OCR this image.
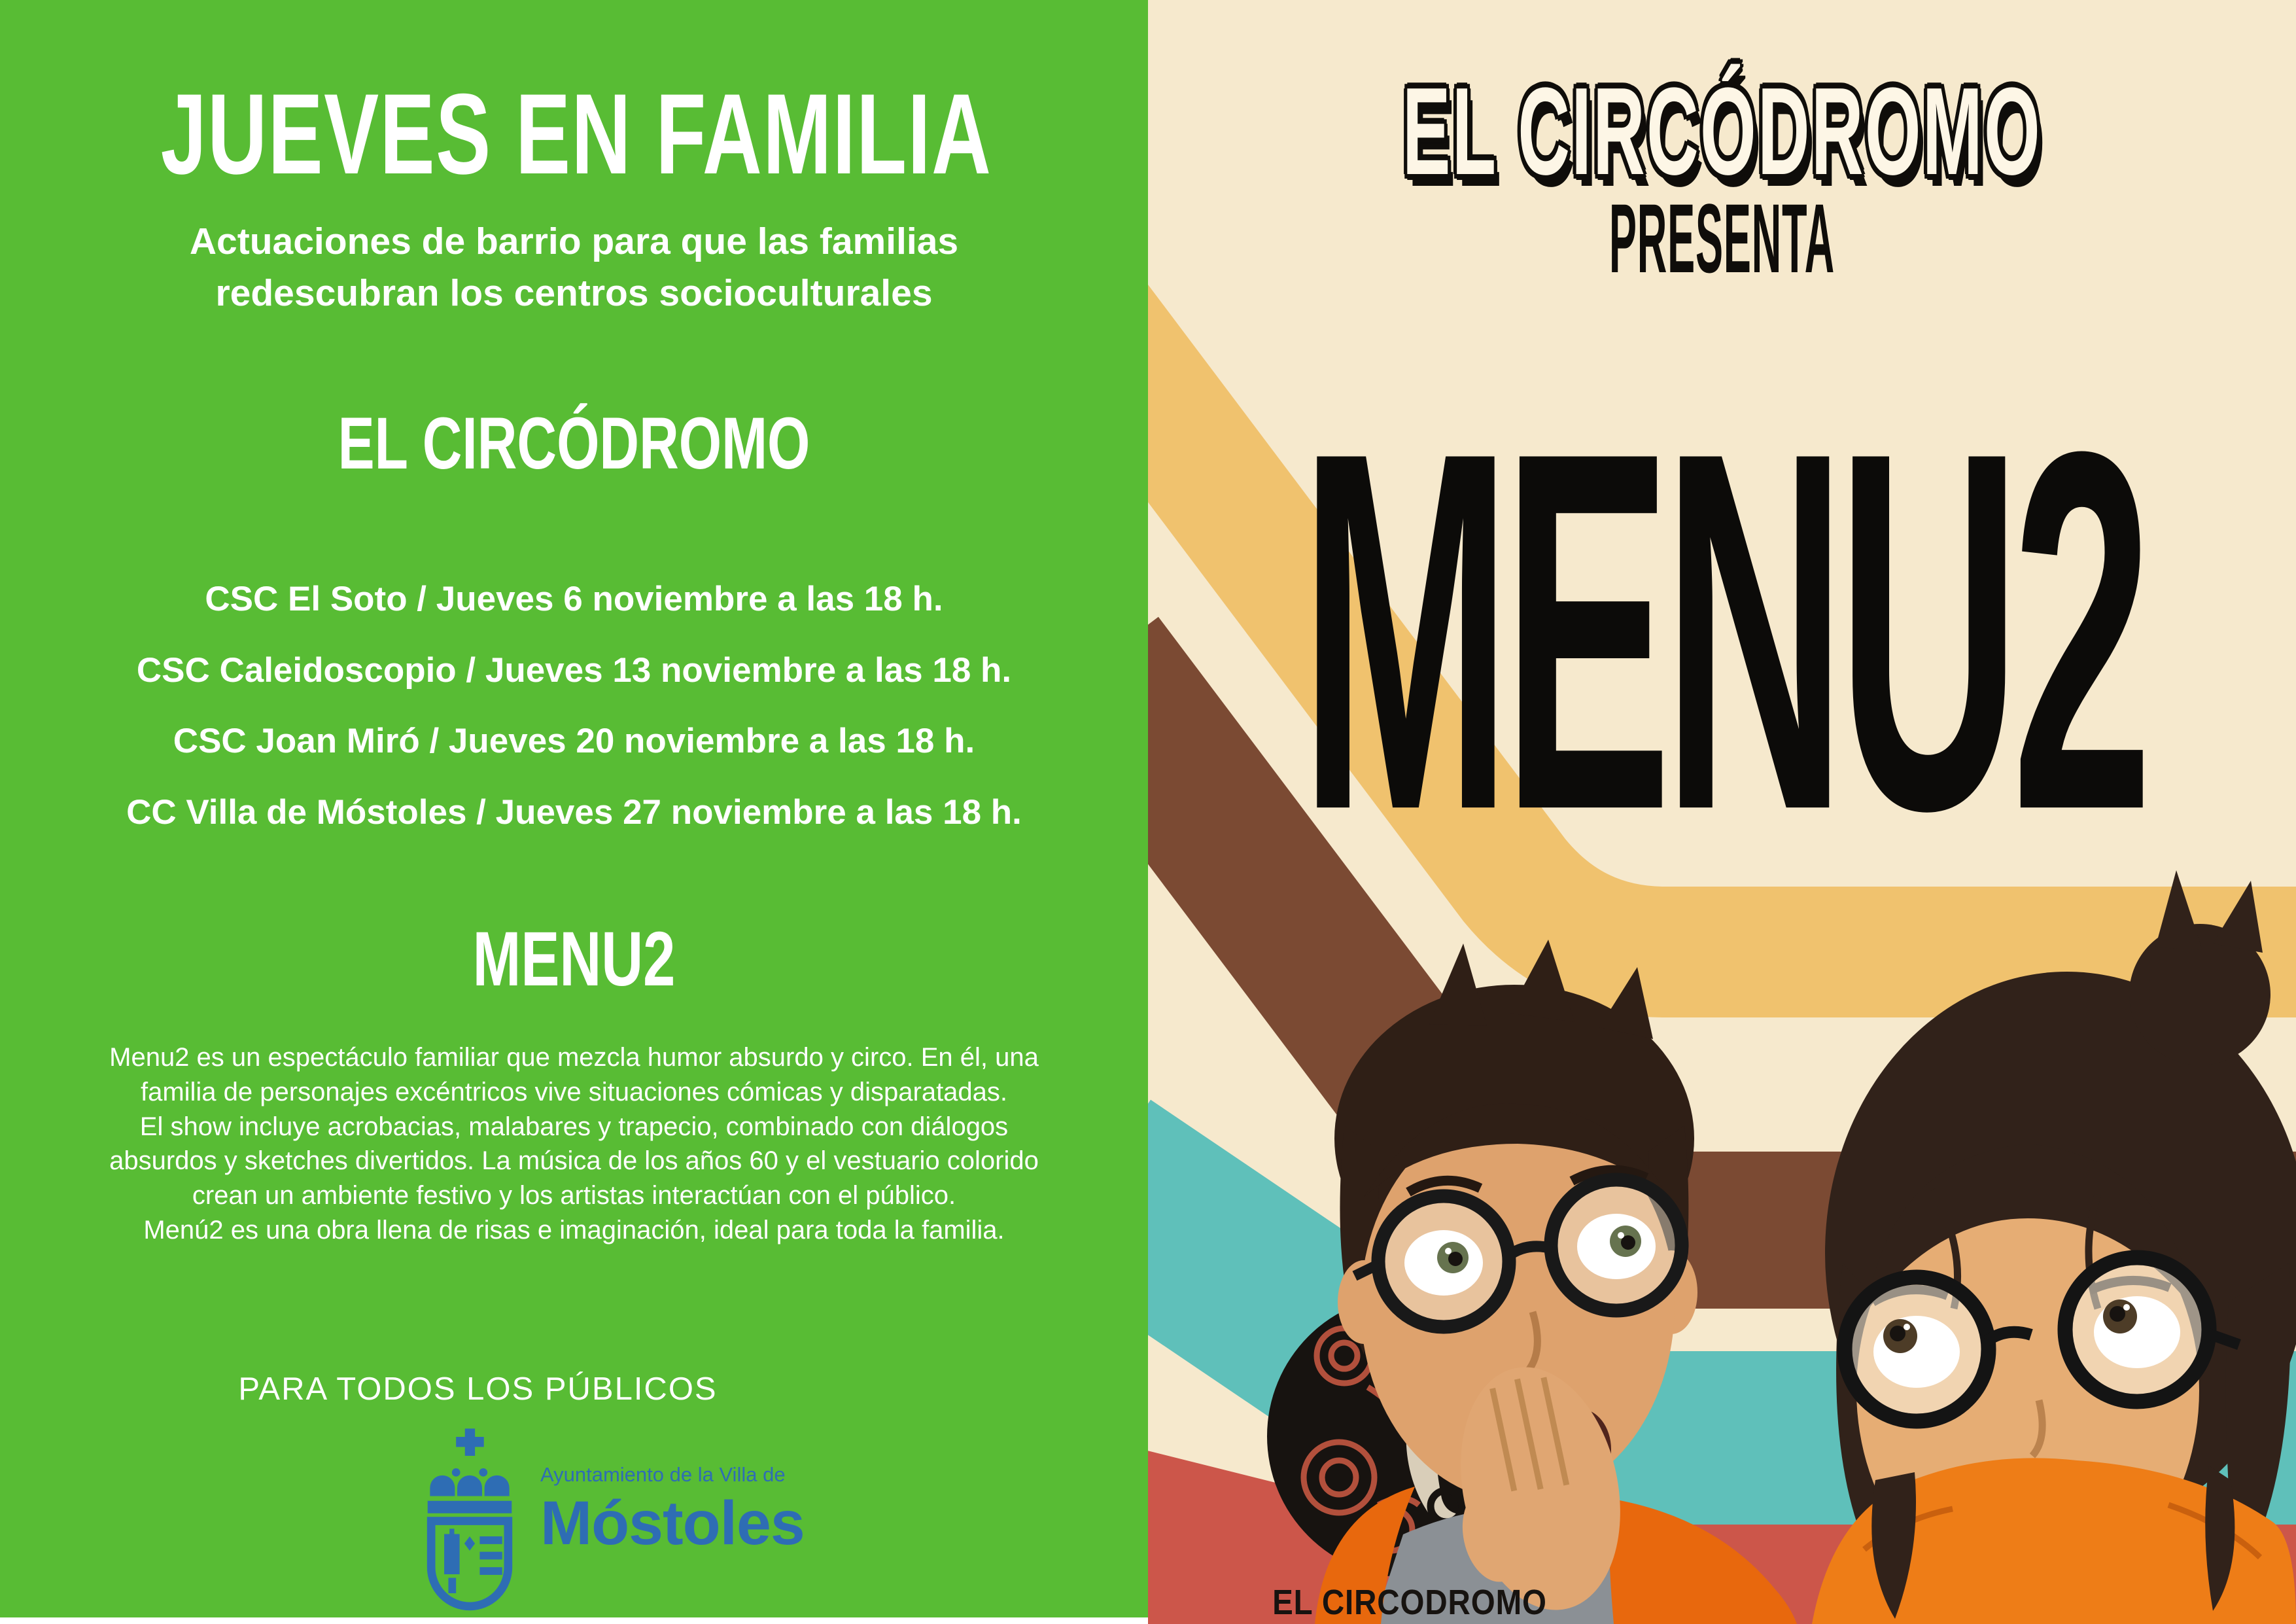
JUEVES EN FAMILIA
Actuaciones de barrio para que las familias
redescubran los centros socioculturales
EL CIRCÓDROMO
CSC El Soto / Jueves 6 noviembre a las 18 h.
CSC Caleidoscopio / Jueves 13 noviembre a las 18 h.
CSC Joan Miró / Jueves 20 noviembre a las 18 h.
CC Villa de Móstoles / Jueves 27 noviembre a las 18 h.
MENU2
Menu2 es un espectáculo familiar que mezcla humor absurdo y circo. En él, una
familia de personajes excéntricos vive situaciones cómicas y disparatadas.
El show incluye acrobacias, malabares y trapecio, combinado con diálogos
absurdos y sketches divertidos. La música de los años 60 y el vestuario colorido
crean un ambiente festivo y los artistas interactúan con el público.
Menú2 es una obra llena de risas e imaginación, ideal para toda la familia.
PARA TODOS LOS PÚBLICOS
Ayuntamiento de la Villa de
Móstoles
EL CIRCÓDROMO
PRESENTA
MENU2
EL CIRCODROMO
